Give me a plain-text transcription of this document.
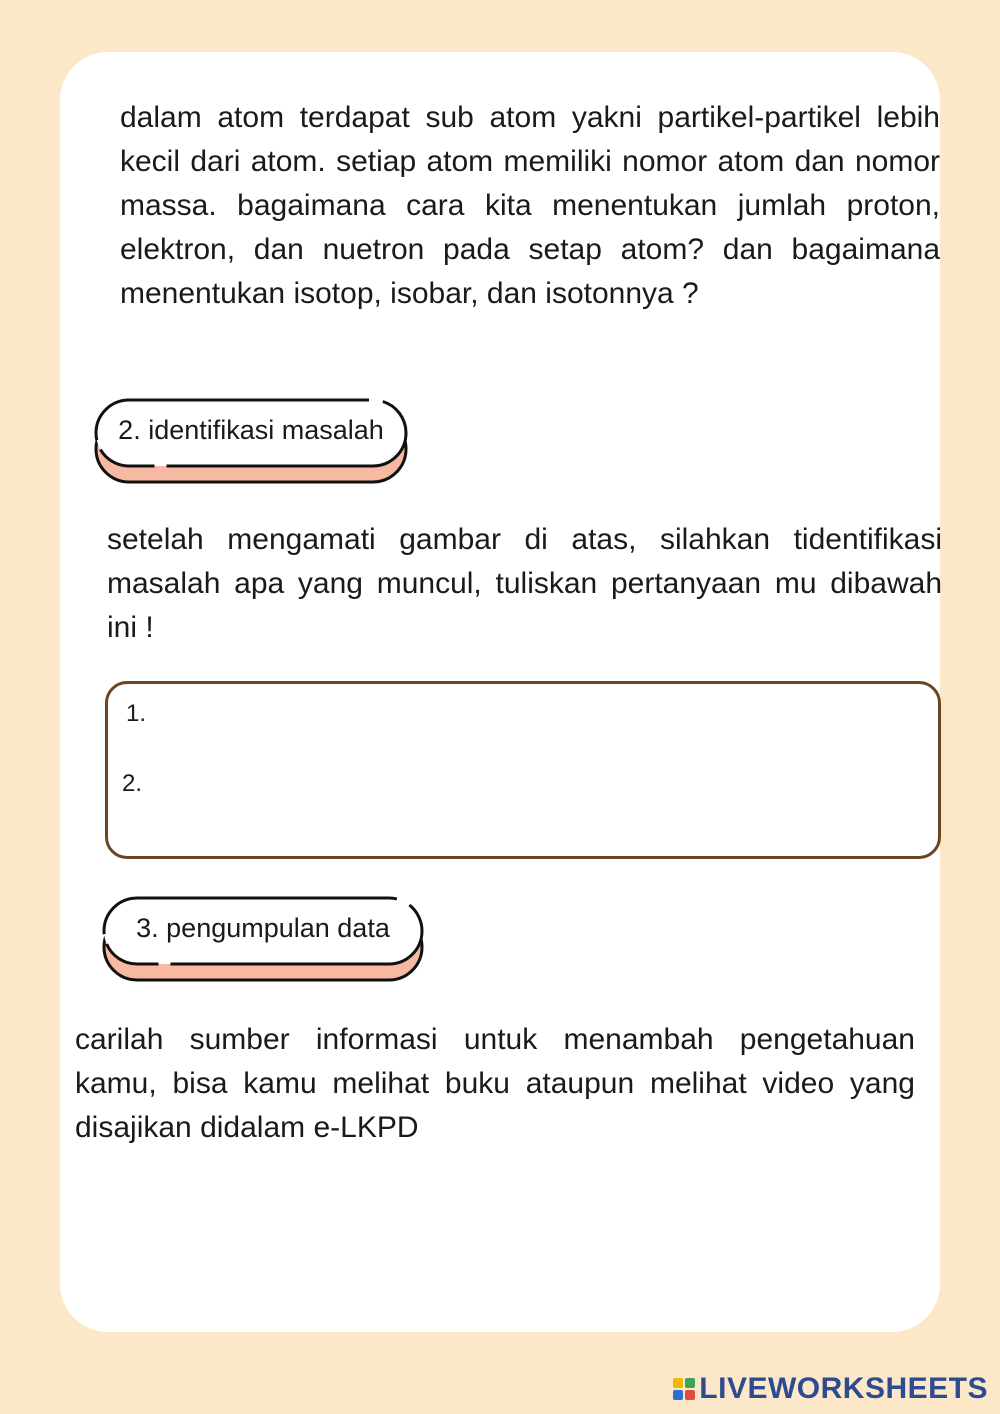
dalam atom terdapat sub atom yakni partikel-partikel lebih kecil dari atom. setiap atom memiliki nomor atom dan nomor massa. bagaimana cara kita menentukan jumlah proton, elektron, dan nuetron pada setap atom? dan bagaimana menentukan isotop, isobar, dan isotonnya ?

2. identifikasi masalah

setelah mengamati gambar di atas, silahkan tidentifikasi masalah apa yang muncul, tuliskan pertanyaan mu dibawah ini !

1.
2.
3. pengumpulan data

carilah sumber informasi untuk menambah pengetahuan kamu, bisa kamu melihat buku ataupun melihat video yang disajikan didalam e-LKPD

LIVEWORKSHEETS
